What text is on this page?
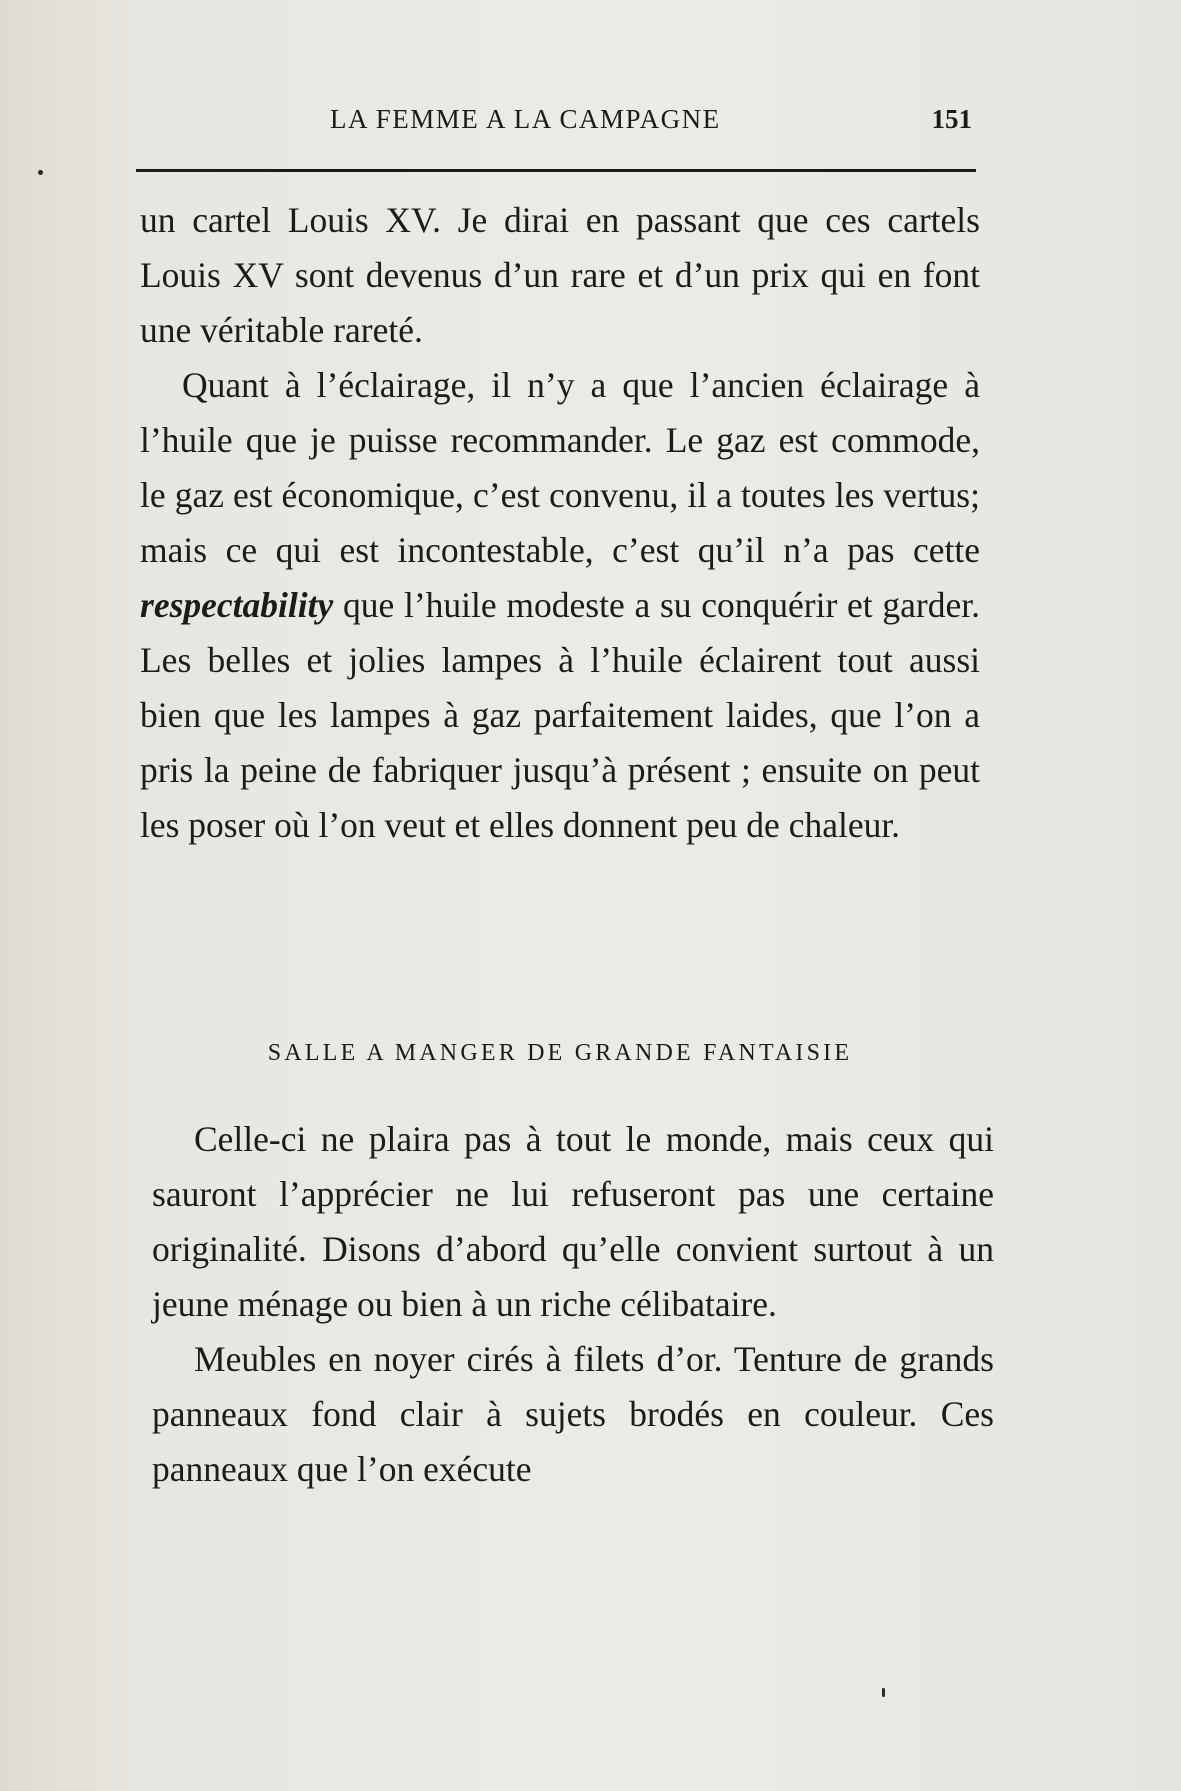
LA FEMME A LA CAMPAGNE	151

un cartel Louis XV. Je dirai en passant que ces cartels Louis XV sont devenus d’un rare et d’un prix qui en font une véritable rareté.

Quant à l’éclairage, il n’y a que l’ancien éclairage à l’huile que je puisse recommander. Le gaz est commode, le gaz est économique, c’est convenu, il a toutes les vertus; mais ce qui est incontestable, c’est qu’il n’a pas cette respectability que l’huile modeste a su conquérir et garder. Les belles et jolies lampes à l’huile éclairent tout aussi bien que les lampes à gaz parfaitement laides, que l’on a pris la peine de fabriquer jusqu’à présent ; ensuite on peut les poser où l’on veut et elles donnent peu de chaleur.

SALLE A MANGER DE GRANDE FANTAISIE

Celle-ci ne plaira pas à tout le monde, mais ceux qui sauront l’apprécier ne lui refuseront pas une certaine originalité. Disons d’abord qu’elle convient surtout à un jeune ménage ou bien à un riche célibataire.

Meubles en noyer cirés à filets d’or. Tenture de grands panneaux fond clair à sujets brodés en couleur. Ces panneaux que l’on exécute
